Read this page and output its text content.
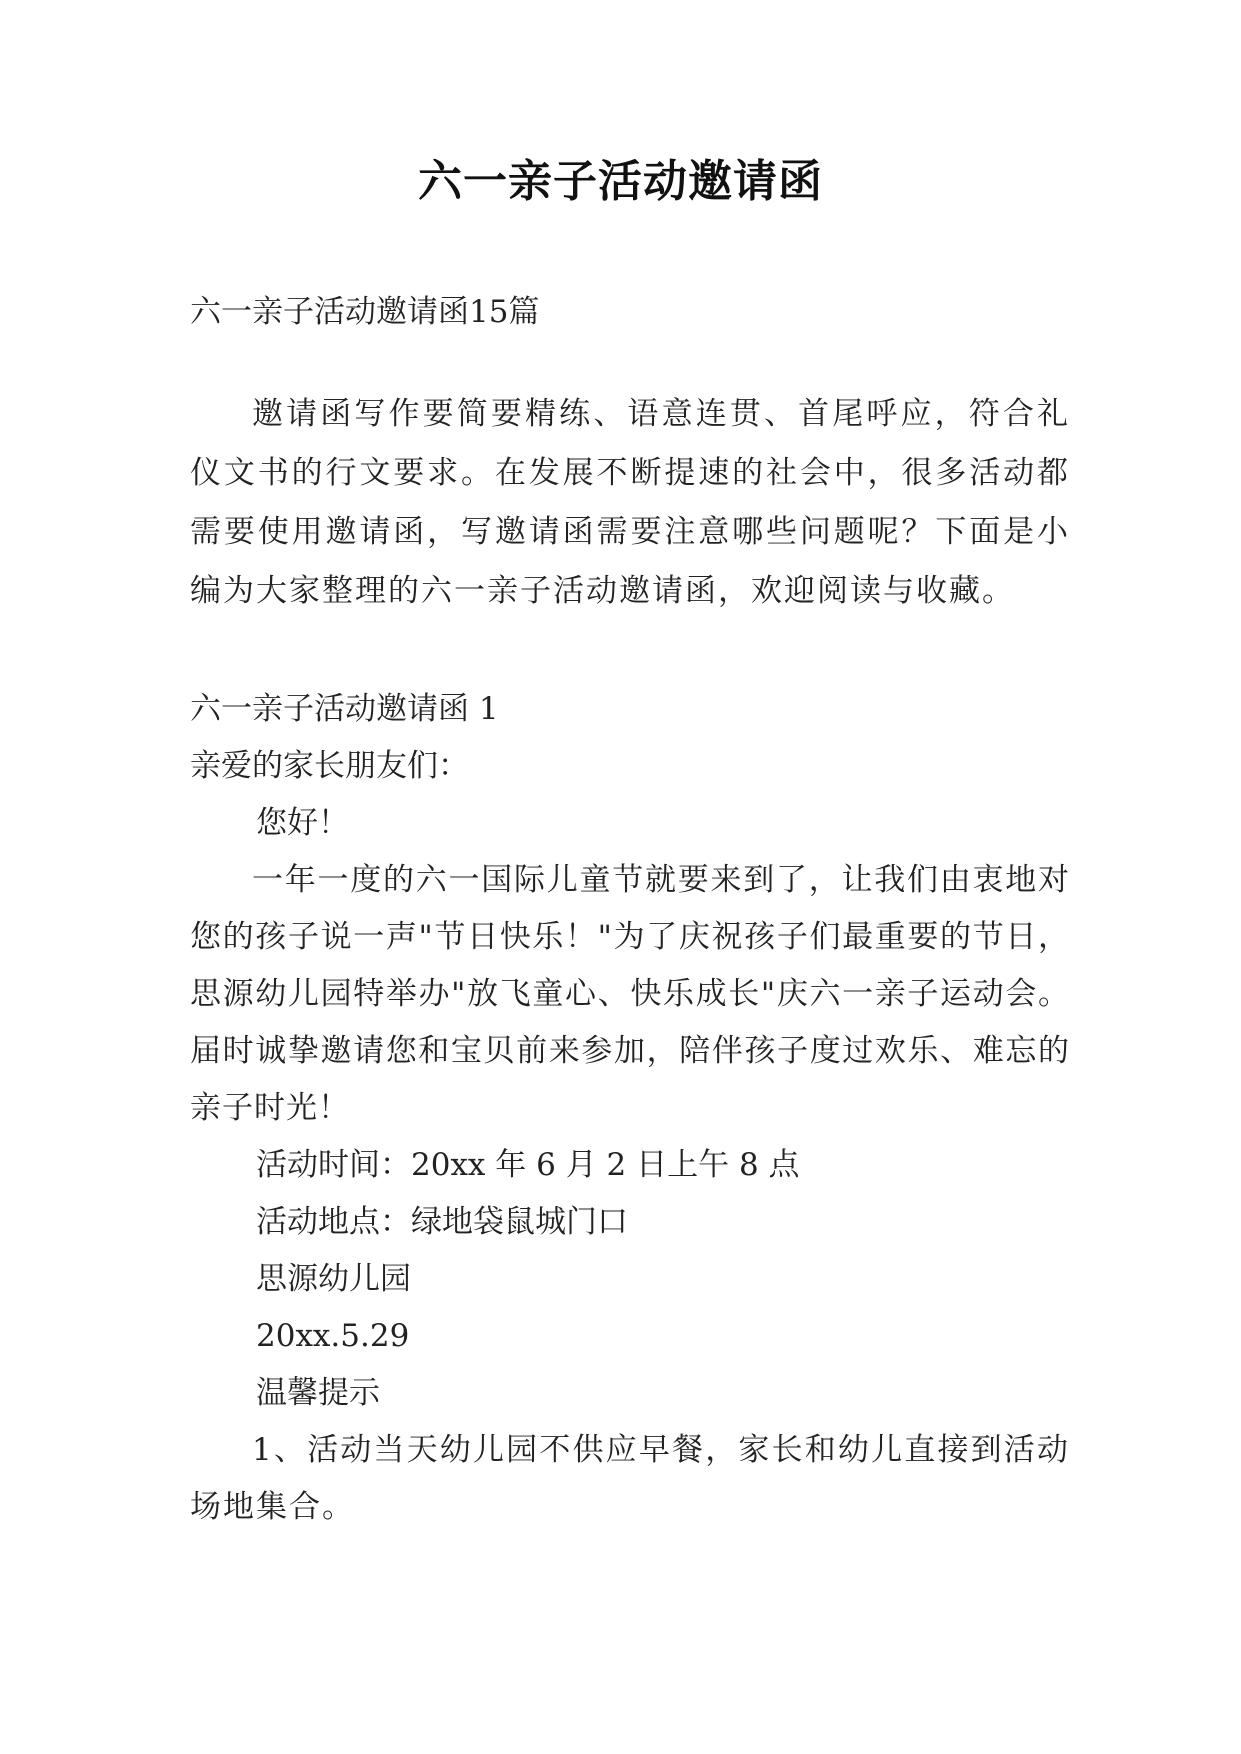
六一亲子活动邀请函
六一亲子活动邀请函15篇
邀请函写作要简要精练、语意连贯、首尾呼应，符合礼仪文书的行文要求。在发展不断提速的社会中，很多活动都需要使用邀请函，写邀请函需要注意哪些问题呢？下面是小编为大家整理的六一亲子活动邀请函，欢迎阅读与收藏。
六一亲子活动邀请函 1
亲爱的家长朋友们：
您好！
一年一度的六一国际儿童节就要来到了，让我们由衷地对您的孩子说一声"节日快乐！"为了庆祝孩子们最重要的节日，思源幼儿园特举办"放飞童心、快乐成长"庆六一亲子运动会。届时诚挚邀请您和宝贝前来参加，陪伴孩子度过欢乐、难忘的亲子时光！
活动时间：20xx 年 6 月 2 日上午 8 点
活动地点：绿地袋鼠城门口
思源幼儿园
20xx.5.29
温馨提示
1、活动当天幼儿园不供应早餐，家长和幼儿直接到活动场地集合。
